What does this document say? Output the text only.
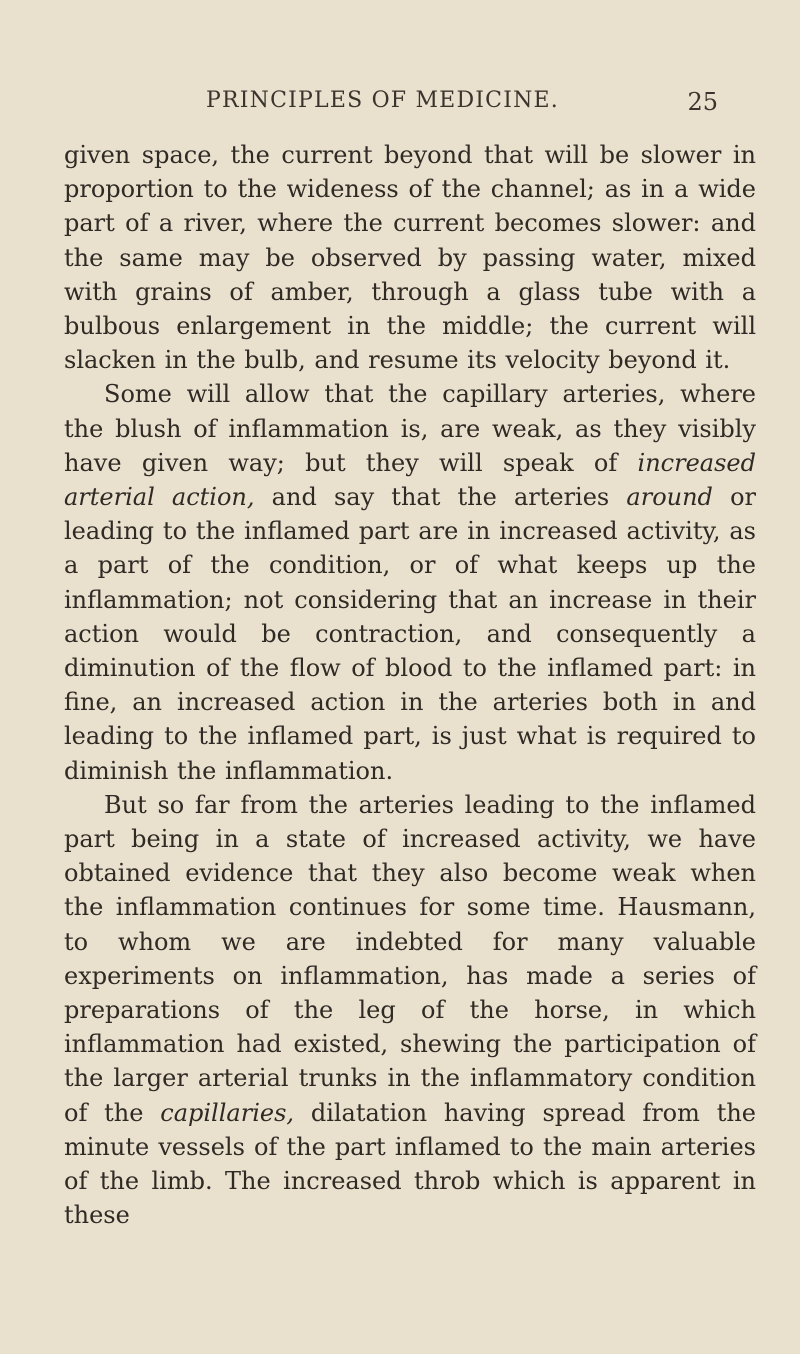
PRINCIPLES OF MEDICINE.	25

given space, the current beyond that will be slower in proportion to the wideness of the channel; as in a wide part of a river, where the current becomes slower: and the same may be observed by passing water, mixed with grains of amber, through a glass tube with a bulbous enlargement in the middle; the current will slacken in the bulb, and resume its velocity beyond it.

Some will allow that the capillary arteries, where the blush of inflammation is, are weak, as they visibly have given way; but they will speak of increased arterial action, and say that the arteries around or leading to the inflamed part are in increased activity, as a part of the condition, or of what keeps up the inflammation; not considering that an increase in their action would be contraction, and consequently a diminution of the flow of blood to the inflamed part: in fine, an increased action in the arteries both in and leading to the inflamed part, is just what is required to diminish the inflammation.

But so far from the arteries leading to the inflamed part being in a state of increased activity, we have obtained evidence that they also become weak when the inflammation continues for some time. Hausmann, to whom we are indebted for many valuable experiments on inflammation, has made a series of preparations of the leg of the horse, in which inflammation had existed, shewing the participation of the larger arterial trunks in the inflammatory condition of the capillaries, dilatation having spread from the minute vessels of the part inflamed to the main arteries of the limb. The increased throb which is apparent in these
